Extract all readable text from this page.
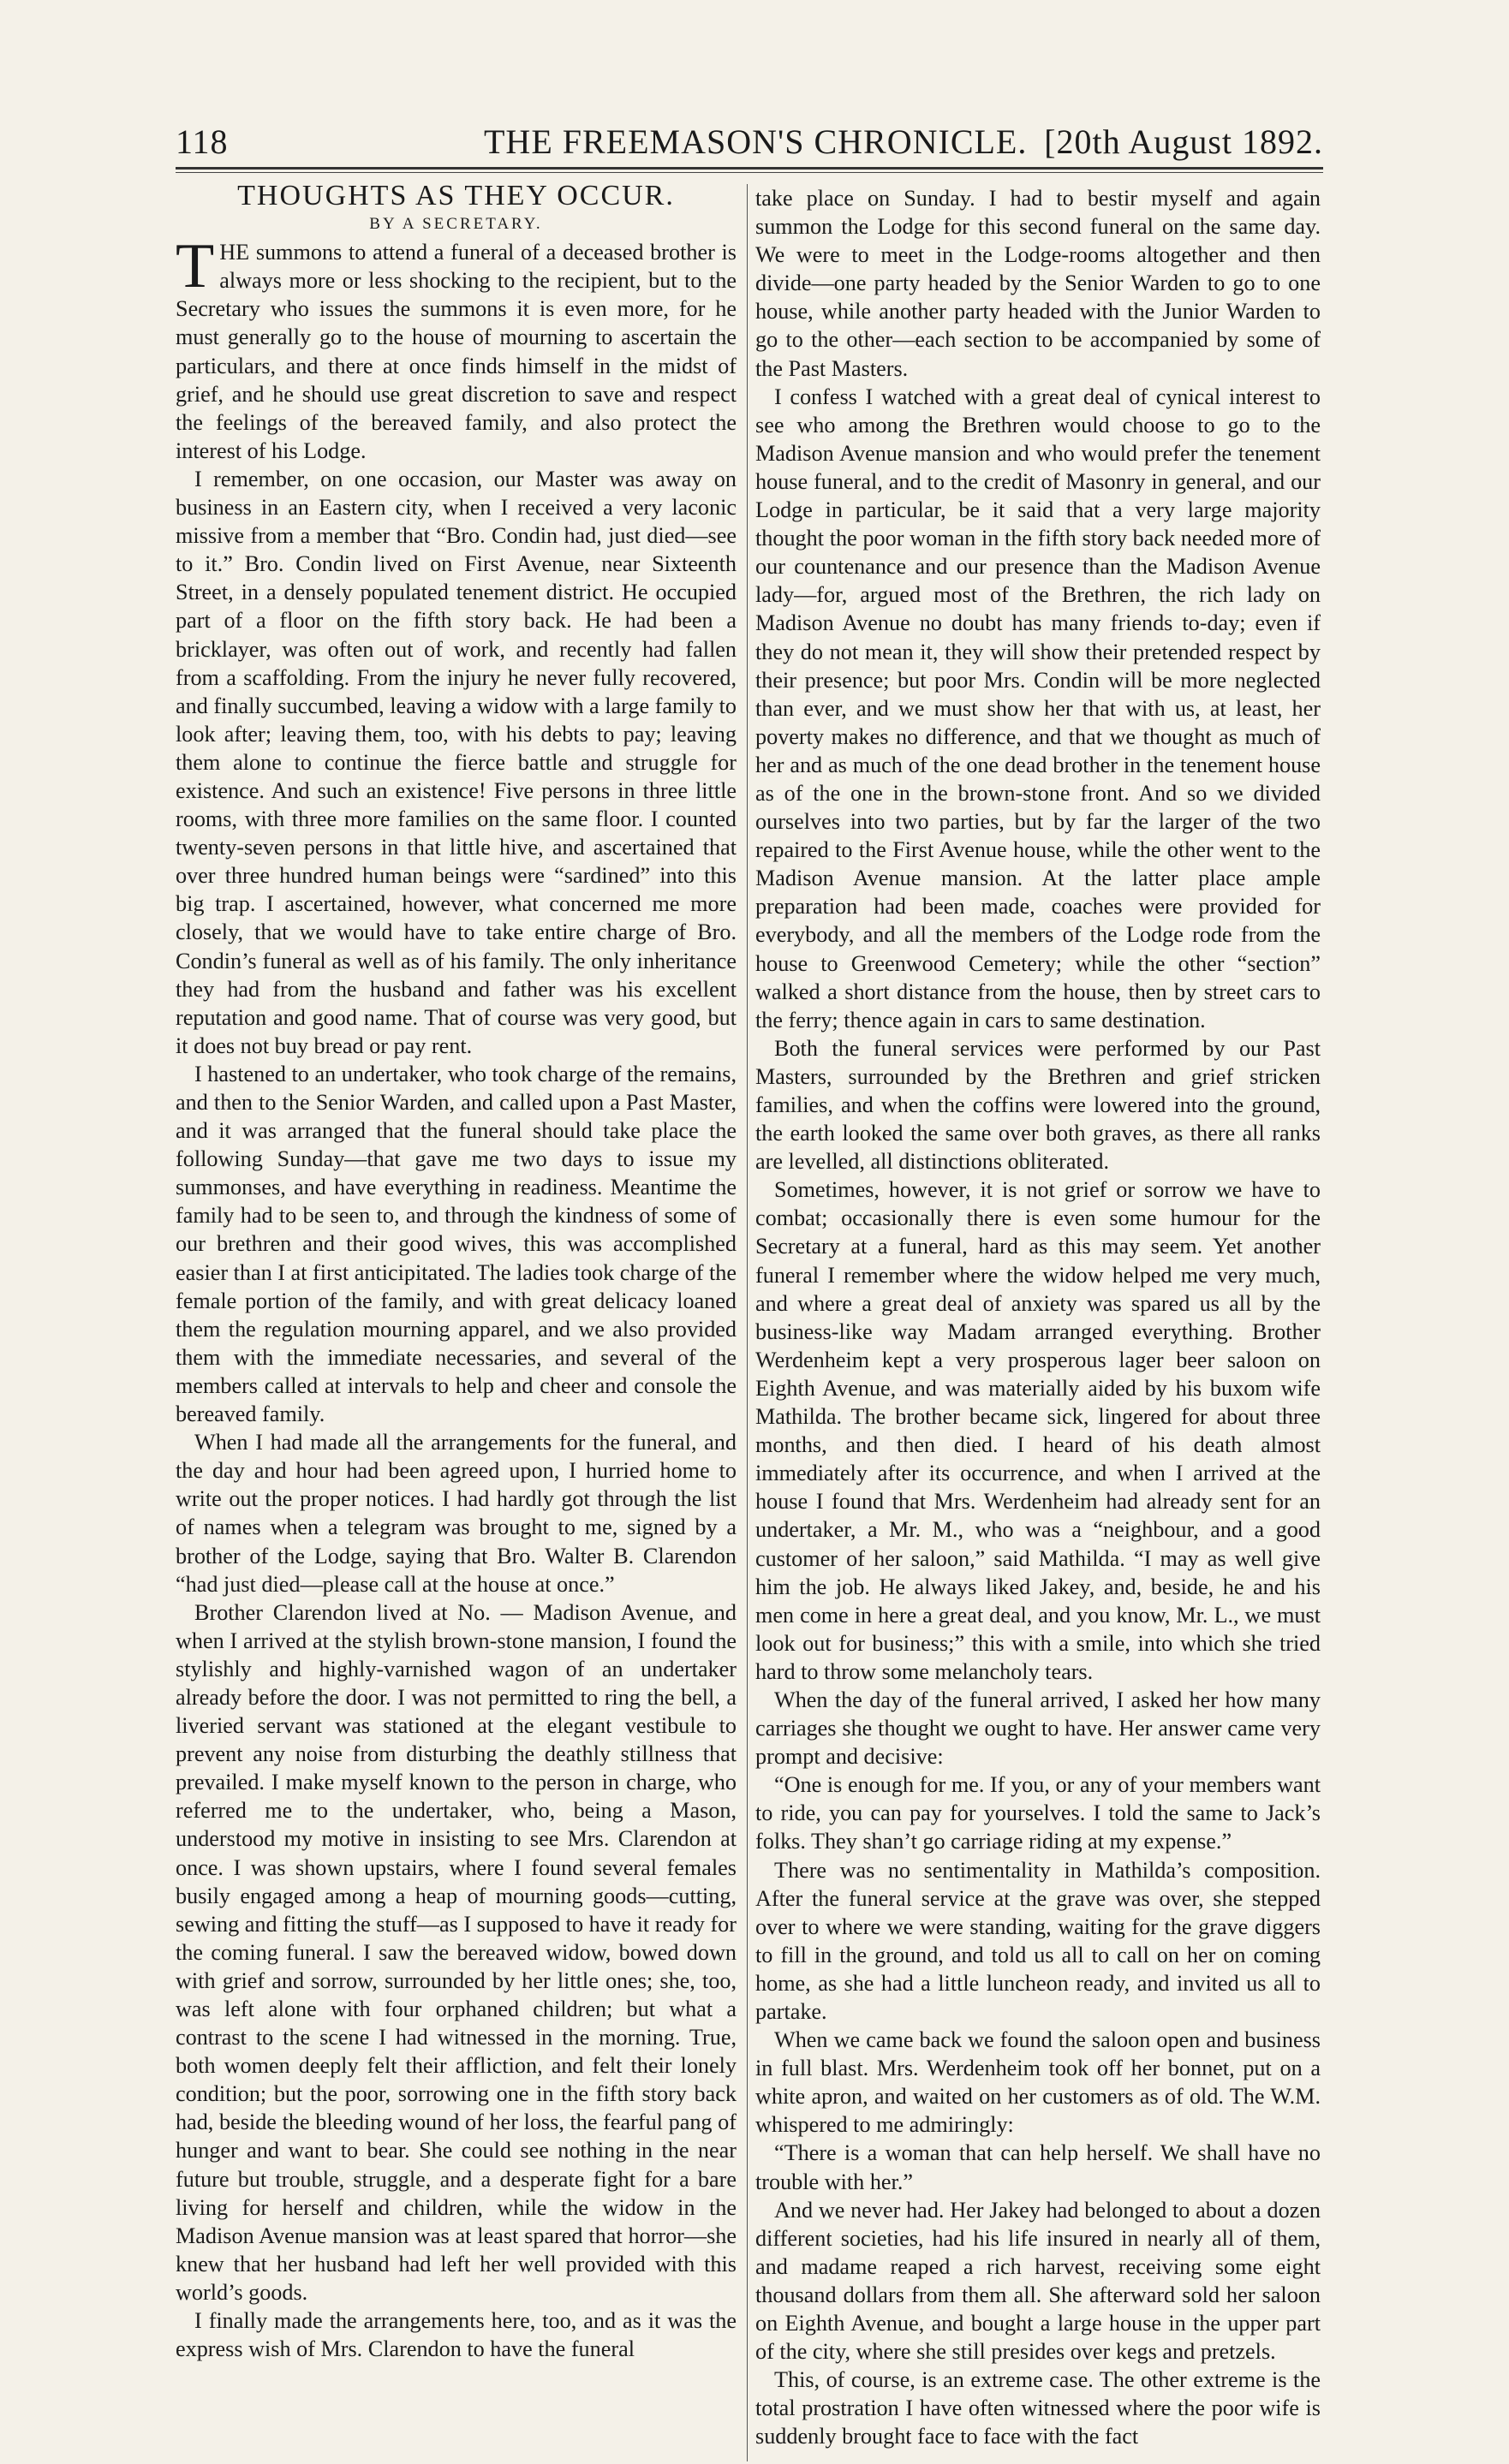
118	THE FREEMASON'S CHRONICLE. [20th August 1892.

THOUGHTS AS THEY OCCUR.

BY A SECRETARY.

THE summons to attend a funeral of a deceased brother is always more or less shocking to the recipient, but to the Secretary who issues the summons it is even more, for he must generally go to the house of mourning to ascertain the particulars, and there at once finds himself in the midst of grief, and he should use great discretion to save and respect the feelings of the bereaved family, and also protect the interest of his Lodge.

I remember, on one occasion, our Master was away on business in an Eastern city, when I received a very laconic missive from a member that “Bro. Condin had, just died—see to it.” Bro. Condin lived on First Avenue, near Sixteenth Street, in a densely populated tenement district. He occupied part of a floor on the fifth story back. He had been a bricklayer, was often out of work, and recently had fallen from a scaffolding. From the injury he never fully recovered, and finally succumbed, leaving a widow with a large family to look after; leaving them, too, with his debts to pay; leaving them alone to continue the fierce battle and struggle for existence. And such an existence! Five persons in three little rooms, with three more families on the same floor. I counted twenty-seven persons in that little hive, and ascertained that over three hundred human beings were “sardined” into this big trap. I ascertained, however, what concerned me more closely, that we would have to take entire charge of Bro. Condin’s funeral as well as of his family. The only inheritance they had from the husband and father was his excellent reputation and good name. That of course was very good, but it does not buy bread or pay rent.

I hastened to an undertaker, who took charge of the remains, and then to the Senior Warden, and called upon a Past Master, and it was arranged that the funeral should take place the following Sunday—that gave me two days to issue my summonses, and have everything in readiness. Meantime the family had to be seen to, and through the kindness of some of our brethren and their good wives, this was accomplished easier than I at first anticipitated. The ladies took charge of the female portion of the family, and with great delicacy loaned them the regulation mourning apparel, and we also provided them with the immediate necessaries, and several of the members called at intervals to help and cheer and console the bereaved family.

When I had made all the arrangements for the funeral, and the day and hour had been agreed upon, I hurried home to write out the proper notices. I had hardly got through the list of names when a telegram was brought to me, signed by a brother of the Lodge, saying that Bro. Walter B. Clarendon “had just died—please call at the house at once.”

Brother Clarendon lived at No. — Madison Avenue, and when I arrived at the stylish brown-stone mansion, I found the stylishly and highly-varnished wagon of an undertaker already before the door. I was not permitted to ring the bell, a liveried servant was stationed at the elegant vestibule to prevent any noise from disturbing the deathly stillness that prevailed. I make myself known to the person in charge, who referred me to the undertaker, who, being a Mason, understood my motive in insisting to see Mrs. Clarendon at once. I was shown upstairs, where I found several females busily engaged among a heap of mourning goods—cutting, sewing and fitting the stuff—as I supposed to have it ready for the coming funeral. I saw the bereaved widow, bowed down with grief and sorrow, surrounded by her little ones; she, too, was left alone with four orphaned children; but what a contrast to the scene I had witnessed in the morning. True, both women deeply felt their affliction, and felt their lonely condition; but the poor, sorrowing one in the fifth story back had, beside the bleeding wound of her loss, the fearful pang of hunger and want to bear. She could see nothing in the near future but trouble, struggle, and a desperate fight for a bare living for herself and children, while the widow in the Madison Avenue mansion was at least spared that horror—she knew that her husband had left her well provided with this world’s goods.

I finally made the arrangements here, too, and as it was the express wish of Mrs. Clarendon to have the funeral

take place on Sunday. I had to bestir myself and again summon the Lodge for this second funeral on the same day. We were to meet in the Lodge-rooms altogether and then divide—one party headed by the Senior Warden to go to one house, while another party headed with the Junior Warden to go to the other—each section to be accompanied by some of the Past Masters.

I confess I watched with a great deal of cynical interest to see who among the Brethren would choose to go to the Madison Avenue mansion and who would prefer the tenement house funeral, and to the credit of Masonry in general, and our Lodge in particular, be it said that a very large majority thought the poor woman in the fifth story back needed more of our countenance and our presence than the Madison Avenue lady—for, argued most of the Brethren, the rich lady on Madison Avenue no doubt has many friends to-day; even if they do not mean it, they will show their pretended respect by their presence; but poor Mrs. Condin will be more neglected than ever, and we must show her that with us, at least, her poverty makes no difference, and that we thought as much of her and as much of the one dead brother in the tenement house as of the one in the brown-stone front. And so we divided ourselves into two parties, but by far the larger of the two repaired to the First Avenue house, while the other went to the Madison Avenue mansion. At the latter place ample preparation had been made, coaches were provided for everybody, and all the members of the Lodge rode from the house to Greenwood Cemetery; while the other “section” walked a short distance from the house, then by street cars to the ferry; thence again in cars to same destination.

Both the funeral services were performed by our Past Masters, surrounded by the Brethren and grief stricken families, and when the coffins were lowered into the ground, the earth looked the same over both graves, as there all ranks are levelled, all distinctions obliterated.

Sometimes, however, it is not grief or sorrow we have to combat; occasionally there is even some humour for the Secretary at a funeral, hard as this may seem. Yet another funeral I remember where the widow helped me very much, and where a great deal of anxiety was spared us all by the business-like way Madam arranged everything. Brother Werdenheim kept a very prosperous lager beer saloon on Eighth Avenue, and was materially aided by his buxom wife Mathilda. The brother became sick, lingered for about three months, and then died. I heard of his death almost immediately after its occurrence, and when I arrived at the house I found that Mrs. Werdenheim had already sent for an undertaker, a Mr. M., who was a “neighbour, and a good customer of her saloon,” said Mathilda. “I may as well give him the job. He always liked Jakey, and, beside, he and his men come in here a great deal, and you know, Mr. L., we must look out for business;” this with a smile, into which she tried hard to throw some melancholy tears.

When the day of the funeral arrived, I asked her how many carriages she thought we ought to have. Her answer came very prompt and decisive:

“One is enough for me. If you, or any of your members want to ride, you can pay for yourselves. I told the same to Jack’s folks. They shan’t go carriage riding at my expense.”

There was no sentimentality in Mathilda’s composition. After the funeral service at the grave was over, she stepped over to where we were standing, waiting for the grave diggers to fill in the ground, and told us all to call on her on coming home, as she had a little luncheon ready, and invited us all to partake.

When we came back we found the saloon open and business in full blast. Mrs. Werdenheim took off her bonnet, put on a white apron, and waited on her customers as of old. The W.M. whispered to me admiringly:

“There is a woman that can help herself. We shall have no trouble with her.”

And we never had. Her Jakey had belonged to about a dozen different societies, had his life insured in nearly all of them, and madame reaped a rich harvest, receiving some eight thousand dollars from them all. She afterward sold her saloon on Eighth Avenue, and bought a large house in the upper part of the city, where she still presides over kegs and pretzels.

This, of course, is an extreme case. The other extreme is the total prostration I have often witnessed where the poor wife is suddenly brought face to face with the fact
